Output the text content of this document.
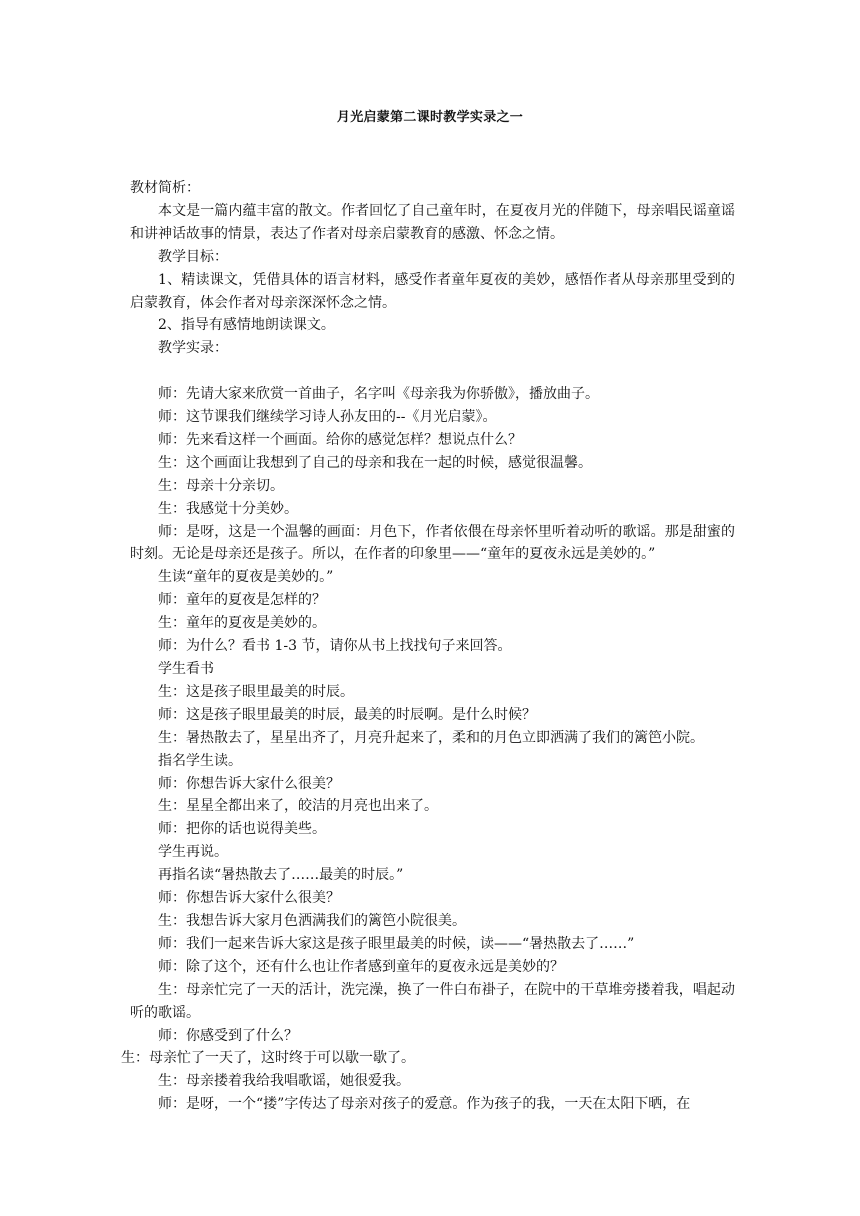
月光启蒙第二课时教学实录之一

教材简析：

本文是一篇内蕴丰富的散文。作者回忆了自己童年时，在夏夜月光的伴随下，母亲唱民谣童谣和讲神话故事的情景，表达了作者对母亲启蒙教育的感激、怀念之情。

教学目标：

1、精读课文，凭借具体的语言材料，感受作者童年夏夜的美妙，感悟作者从母亲那里受到的启蒙教育，体会作者对母亲深深怀念之情。

2、指导有感情地朗读课文。

教学实录：

师：先请大家来欣赏一首曲子，名字叫《母亲我为你骄傲》，播放曲子。

师：这节课我们继续学习诗人孙友田的--《月光启蒙》。

师：先来看这样一个画面。给你的感觉怎样？想说点什么？

生：这个画面让我想到了自己的母亲和我在一起的时候，感觉很温馨。

生：母亲十分亲切。

生：我感觉十分美妙。

师：是呀，这是一个温馨的画面：月色下，作者依偎在母亲怀里听着动听的歌谣。那是甜蜜的时刻。无论是母亲还是孩子。所以，在作者的印象里——“童年的夏夜永远是美妙的。”

生读“童年的夏夜是美妙的。”

师：童年的夏夜是怎样的？

生：童年的夏夜是美妙的。

师：为什么？看书 1-3 节，请你从书上找找句子来回答。

学生看书

生：这是孩子眼里最美的时辰。

师：这是孩子眼里最美的时辰，最美的时辰啊。是什么时候？

生：暑热散去了，星星出齐了，月亮升起来了，柔和的月色立即洒满了我们的篱笆小院。

指名学生读。

师：你想告诉大家什么很美？

生：星星全都出来了，皎洁的月亮也出来了。

师：把你的话也说得美些。

学生再说。

再指名读“暑热散去了……最美的时辰。”

师：你想告诉大家什么很美？

生：我想告诉大家月色洒满我们的篱笆小院很美。

师：我们一起来告诉大家这是孩子眼里最美的时候，读——“暑热散去了……”

师：除了这个，还有什么也让作者感到童年的夏夜永远是美妙的？

生：母亲忙完了一天的活计，洗完澡，换了一件白布褂子，在院中的干草堆旁搂着我，唱起动听的歌谣。

师：你感受到了什么？

生：母亲忙了一天了，这时终于可以歇一歇了。

生：母亲搂着我给我唱歌谣，她很爱我。

师：是呀，一个“搂”字传达了母亲对孩子的爱意。作为孩子的我，一天在太阳下晒，在
